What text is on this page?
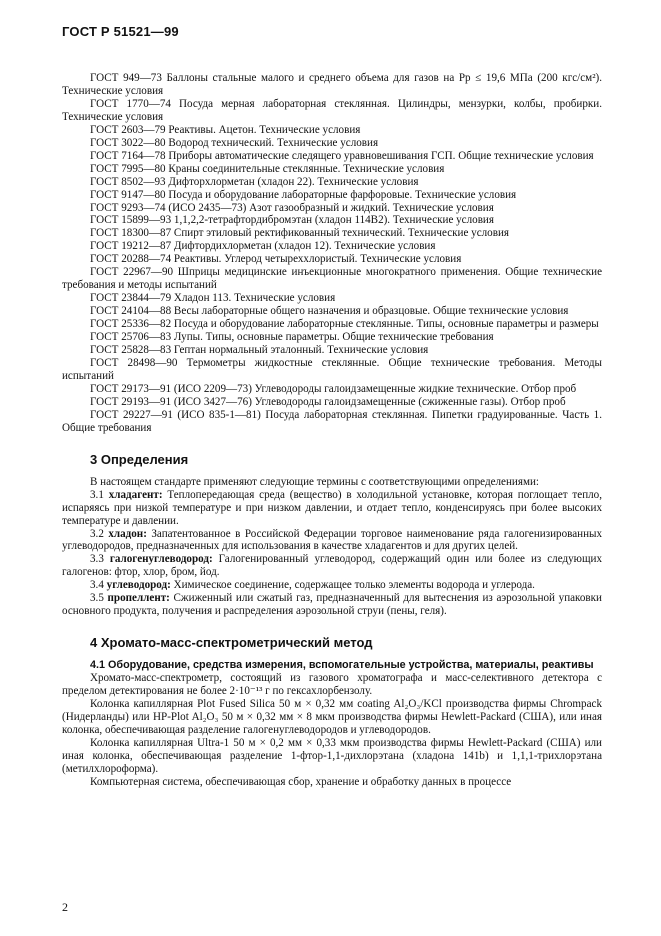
ГОСТ Р 51521—99

ГОСТ 949—73 Баллоны стальные малого и среднего объема для газов на Pр ≤ 19,6 МПа (200 кгс/см²). Технические условия

ГОСТ 1770—74 Посуда мерная лабораторная стеклянная. Цилиндры, мензурки, колбы, пробирки. Технические условия

ГОСТ 2603—79 Реактивы. Ацетон. Технические условия

ГОСТ 3022—80 Водород технический. Технические условия

ГОСТ 7164—78 Приборы автоматические следящего уравновешивания ГСП. Общие технические условия

ГОСТ 7995—80 Краны соединительные стеклянные. Технические условия

ГОСТ 8502—93 Дифторхлорметан (хладон 22). Технические условия

ГОСТ 9147—80 Посуда и оборудование лабораторные фарфоровые. Технические условия

ГОСТ 9293—74 (ИСО 2435—73) Азот газообразный и жидкий. Технические условия

ГОСТ 15899—93 1,1,2,2-тетрафтордибромэтан (хладон 114В2). Технические условия

ГОСТ 18300—87 Спирт этиловый ректификованный технический. Технические условия

ГОСТ 19212—87 Дифтордихлорметан (хладон 12). Технические условия

ГОСТ 20288—74 Реактивы. Углерод четыреххлористый. Технические условия

ГОСТ 22967—90 Шприцы медицинские инъекционные многократного применения. Общие технические требования и методы испытаний

ГОСТ 23844—79 Хладон 113. Технические условия

ГОСТ 24104—88 Весы лабораторные общего назначения и образцовые. Общие технические условия

ГОСТ 25336—82 Посуда и оборудование лабораторные стеклянные. Типы, основные параметры и размеры

ГОСТ 25706—83 Лупы. Типы, основные параметры. Общие технические требования

ГОСТ 25828—83 Гептан нормальный эталонный. Технические условия

ГОСТ 28498—90 Термометры жидкостные стеклянные. Общие технические требования. Методы испытаний

ГОСТ 29173—91 (ИСО 2209—73) Углеводороды галоидзамещенные жидкие технические. Отбор проб

ГОСТ 29193—91 (ИСО 3427—76) Углеводороды галоидзамещенные (сжиженные газы). Отбор проб

ГОСТ 29227—91 (ИСО 835-1—81) Посуда лабораторная стеклянная. Пипетки градуированные. Часть 1. Общие требования

3 Определения

В настоящем стандарте применяют следующие термины с соответствующими определениями:

3.1 хладагент: Теплопередающая среда (вещество) в холодильной установке, которая поглощает тепло, испаряясь при низкой температуре и при низком давлении, и отдает тепло, конденсируясь при более высоких температуре и давлении.

3.2 хладон: Запатентованное в Российской Федерации торговое наименование ряда галогенизированных углеводородов, предназначенных для использования в качестве хладагентов и для других целей.

3.3 галогенуглеводород: Галогенированный углеводород, содержащий один или более из следующих галогенов: фтор, хлор, бром, йод.

3.4 углеводород: Химическое соединение, содержащее только элементы водорода и углерода.

3.5 пропеллент: Сжиженный или сжатый газ, предназначенный для вытеснения из аэрозольной упаковки основного продукта, получения и распределения аэрозольной струи (пены, геля).

4 Хромато-масс-спектрометрический метод

4.1 Оборудование, средства измерения, вспомогательные устройства, материалы, реактивы

Хромато-масс-спектрометр, состоящий из газового хроматографа и масс-селективного детектора с пределом детектирования не более 2·10⁻¹³ г по гексахлорбензолу.

Колонка капиллярная Plot Fused Silica 50 м × 0,32 мм coating Al₂O₃/KCl производства фирмы Chrompack (Нидерланды) или HP-Plot Al₂O₃ 50 м × 0,32 мм × 8 мкм производства фирмы Hewlett-Packard (США), или иная колонка, обеспечивающая разделение галогенуглеводородов и углеводородов.

Колонка капиллярная Ultra-1 50 м × 0,2 мм × 0,33 мкм производства фирмы Hewlett-Packard (США) или иная колонка, обеспечивающая разделение 1-фтор-1,1-дихлорэтана (хладона 141b) и 1,1,1-трихлорэтана (метилхлороформа).

Компьютерная система, обеспечивающая сбор, хранение и обработку данных в процессе

2
